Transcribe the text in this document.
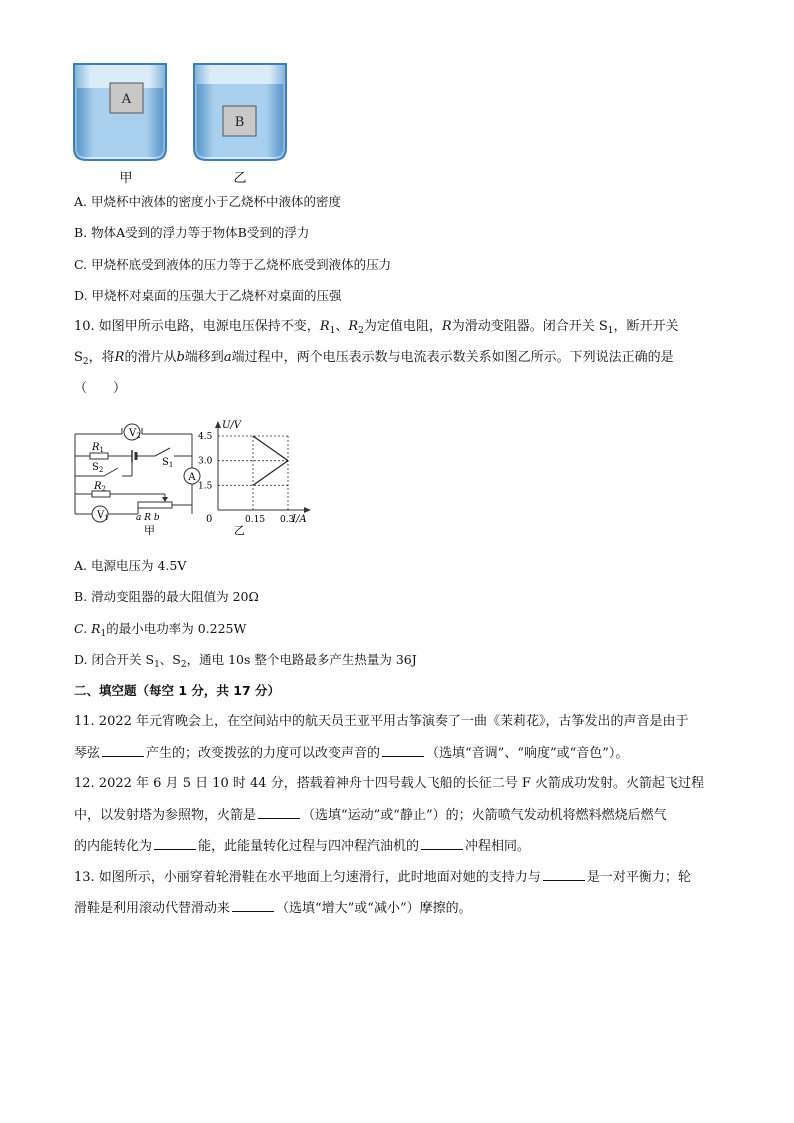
A
B
甲	乙
A. 甲烧杯中液体的密度小于乙烧杯中液体的密度
B. 物体A受到的浮力等于物体B受到的浮力
C. 甲烧杯底受到液体的压力等于乙烧杯底受到液体的压力
D. 甲烧杯对桌面的压强大于乙烧杯对桌面的压强
10. 如图甲所示电路，电源电压保持不变，$R_1$、$R_2$为定值电阻，R为滑动变阻器。闭合开关 $S_1$，断开开关
$S_2$，将R的滑片从b端移到a端过程中，两个电压表示数与电流表示数关系如图乙所示。下列说法正确的是
（　　）
$V_2$
A
$V_1$
$R_1$
$S_2$
$S_1$
$R_2$
a R b
甲
1.5
3.0
4.5
0.15 0.3
U/V
I/A
0
乙
A. 电源电压为 4.5V
B. 滑动变阻器的最大阻值为 20Ω
C. $R_1$的最小电功率为 0.225W
D. 闭合开关 $S_1$、$S_2$，通电 10s 整个电路最多产生热量为 36J
二、填空题（每空 1 分，共 17 分）
11. 2022 年元宵晚会上，在空间站中的航天员王亚平用古筝演奏了一曲《茉莉花》，古筝发出的声音是由于
琴弦	产生的；改变拨弦的力度可以改变声音的	（选填“音调”、“响度”或“音色”）。
12. 2022 年 6 月 5 日 10 时 44 分，搭载着神舟十四号载人飞船的长征二号 F 火箭成功发射。火箭起飞过程
中，以发射塔为参照物，火箭是	（选填“运动”或“静止”）的；火箭喷气发动机将燃料燃烧后燃气
的内能转化为	能，此能量转化过程与四冲程汽油机的	冲程相同。
13. 如图所示，小丽穿着轮滑鞋在水平地面上匀速滑行，此时地面对她的支持力与	是一对平衡力；轮
滑鞋是利用滚动代替滑动来	（选填“增大”或“减小”）摩擦的。
